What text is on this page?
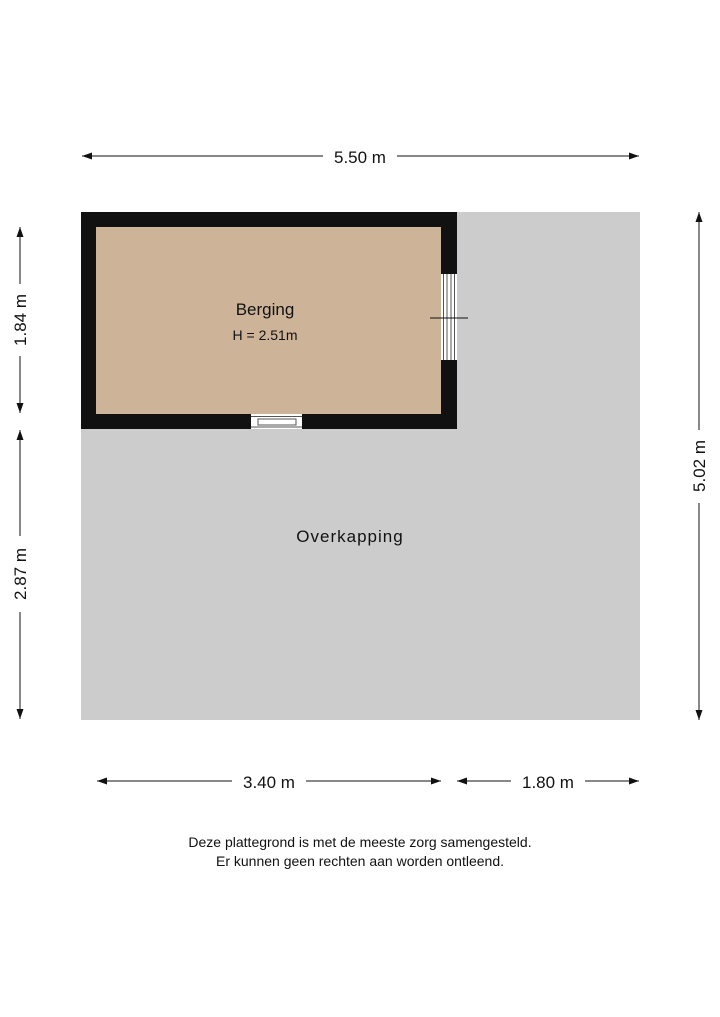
Berging
H = 2.51m
Overkapping
5.50 m
5.02 m
1.84 m
2.87 m
3.40 m	1.80 m
Deze plattegrond is met de meeste zorg samengesteld.
Er kunnen geen rechten aan worden ontleend.
